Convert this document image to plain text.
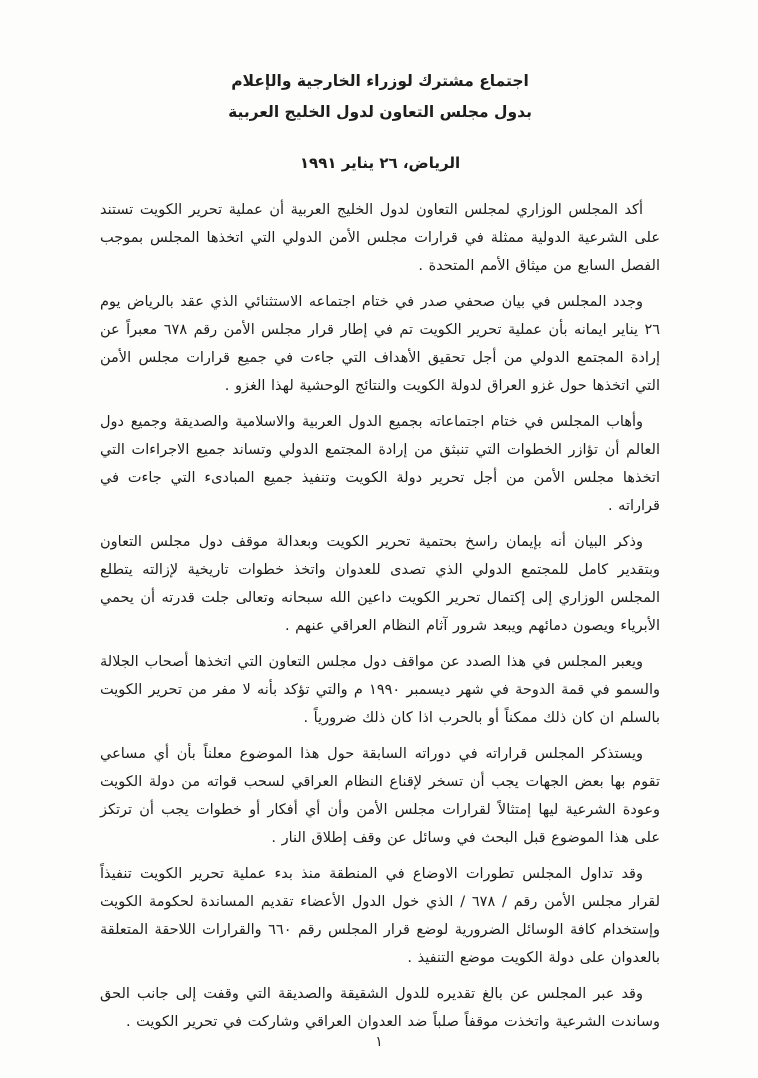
اجتماع مشترك لوزراء الخارجية والإعلام
بدول مجلس التعاون لدول الخليج العربية
الرياض، ٢٦ يناير ١٩٩١

أكد المجلس الوزاري لمجلس التعاون لدول الخليج العربية أن عملية تحرير الكويت تستند على الشرعية الدولية ممثلة في قرارات مجلس الأمن الدولي التي اتخذها المجلس بموجب الفصل السابع من ميثاق الأمم المتحدة .

وجدد المجلس في بيان صحفي صدر في ختام اجتماعه الاستثنائي الذي عقد بالرياض يوم ٢٦ يناير ايمانه بأن عملية تحرير الكويت تم في إطار قرار مجلس الأمن رقم ٦٧٨ معبراً عن إرادة المجتمع الدولي من أجل تحقيق الأهداف التي جاءت في جميع قرارات مجلس الأمن التي اتخذها حول غزو العراق لدولة الكويت والنتائج الوحشية لهذا الغزو .

وأهاب المجلس في ختام اجتماعاته بجميع الدول العربية والاسلامية والصديقة وجميع دول العالم أن تؤازر الخطوات التي تنبثق من إرادة المجتمع الدولي وتساند جميع الاجراءات التي اتخذها مجلس الأمن من أجل تحرير دولة الكويت وتنفيذ جميع المبادىء التي جاءت في قراراته .

وذكر البيان أنه بإيمان راسخ بحتمية تحرير الكويت وبعدالة موقف دول مجلس التعاون وبتقدير كامل للمجتمع الدولي الذي تصدى للعدوان واتخذ خطوات تاريخية لإزالته يتطلع المجلس الوزاري إلى إكتمال تحرير الكويت داعين الله سبحانه وتعالى جلت قدرته أن يحمي الأبرياء ويصون دمائهم ويبعد شرور آثام النظام العراقي عنهم .

ويعبر المجلس في هذا الصدد عن مواقف دول مجلس التعاون التي اتخذها أصحاب الجلالة والسمو في قمة الدوحة في شهر ديسمبر ١٩٩٠ م والتي تؤكد بأنه لا مفر من تحرير الكويت بالسلم ان كان ذلك ممكناً أو بالحرب اذا كان ذلك ضرورياً .

ويستذكر المجلس قراراته في دوراته السابقة حول هذا الموضوع معلناً بأن أي مساعي تقوم بها بعض الجهات يجب أن تسخر لإقناع النظام العراقي لسحب قواته من دولة الكويت وعودة الشرعية ليها إمتثالاً لقرارات مجلس الأمن وأن أي أفكار أو خطوات يجب أن ترتكز على هذا الموضوع قبل البحث في وسائل عن وقف إطلاق النار .

وقد تداول المجلس تطورات الاوضاع في المنطقة منذ بدء عملية تحرير الكويت تنفيذاً لقرار مجلس الأمن رقم / ٦٧٨ / الذي خول الدول الأعضاء تقديم المساندة لحكومة الكويت وإستخدام كافة الوسائل الضرورية لوضع قرار المجلس رقم ٦٦٠ والقرارات اللاحقة المتعلقة بالعدوان على دولة الكويت موضع التنفيذ .

وقد عبر المجلس عن بالغ تقديره للدول الشقيقة والصديقة التي وقفت إلى جانب الحق وساندت الشرعية واتخذت موقفاً صلباً ضد العدوان العراقي وشاركت في تحرير الكويت .

١
